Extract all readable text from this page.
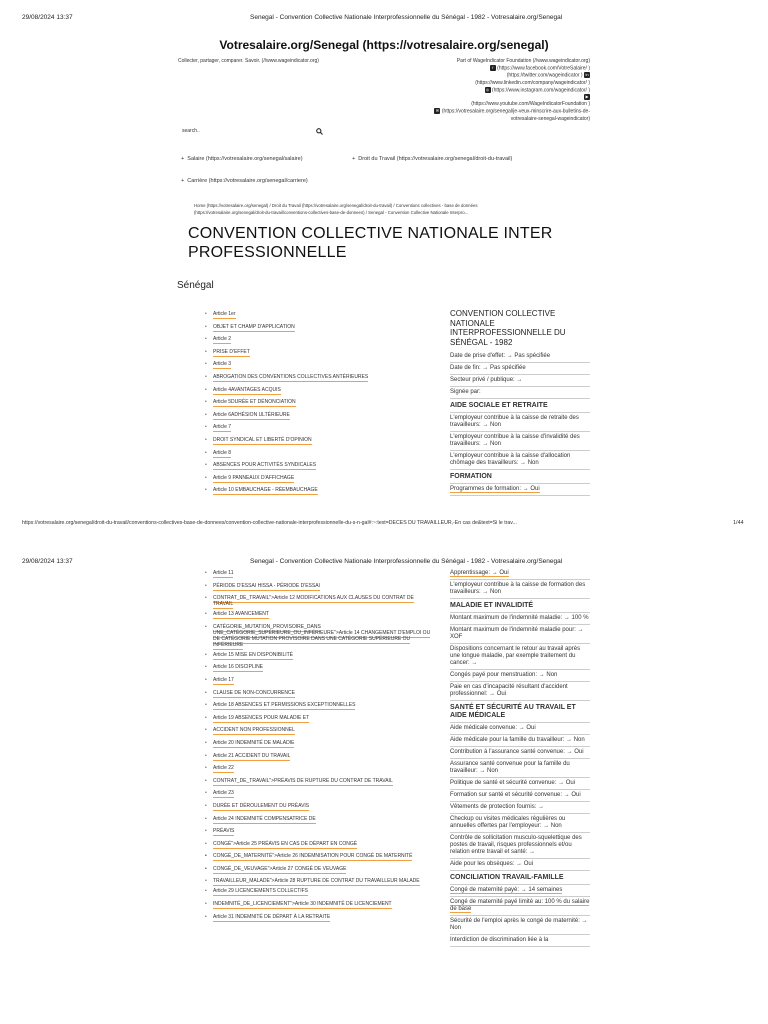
29/08/2024 13:37	Senegal - Convention Collective Nationale Interprofessionnelle du Sénégal - 1982 - Votresalaire.org/Senegal
Votresalaire.org/Senegal (https://votresalaire.org/senegal)
Collecter, partager, comparer. Savoir. (//www.wageindicator.org)	Part of WageIndicator Foundation (//www.wageindicator.org)
f (https://www.facebook.com/VotreSalaire/ )
(https://twitter.com/wageindicator ) in
(https://www.linkedin.com/company/wageindicator/ )
◎ (https://www.instagram.com/wageindicator/ )
▶
(https://www.youtube.com/WageIndicatorFoundation )
✉ (https://votresalaire.org/senegal/je-veux-minscrire-aux-bulletins-de-votresalaire-senegal-wageindicator)
search..
+  Salaire (https://votresalaire.org/senegal/salaire)	+  Droit du Travail (https://votresalaire.org/senegal/droit-du-travail)
+  Carrière (https://votresalaire.org/senegal/carriere)
Home (https://votresalaire.org/senegal) / Droit du Travail (https://votresalaire.org/senegal/droit-du-travail) / Conventions collectives - base de données
(https://votresalaire.org/senegal/droit-du-travail/conventions-collectives-base-de-donnees) / Senegal - Convention Collective Nationale Interpro...
CONVENTION COLLECTIVE NATIONALE INTER PROFESSIONNELLE
Sénégal
• Article 1er
• OBJET ET CHAMP D'APPLICATION
• Article 2
• PRISE D'EFFET
• Article 3
• ABROGATION DES CONVENTIONS COLLECTIVES ANTÉRIEURES
• Article 4AVANTAGES ACQUIS
• Article 5DURÉE ET DÉNONCIATION
• Article 6ADHÉSION ULTÉRIEURE
• Article 7
• DROIT SYNDICAL ET LIBERTÉ D'OPINION
• Article 8
• ABSENCES POUR ACTIVITÉS SYNDICALES
• Article 9 PANNEAUX D'AFFICHAGE
• Article 10 EMBAUCHAGE - RÉEMBAUCHAGE
CONVENTION COLLECTIVE NATIONALE INTERPROFESSIONNELLE DU SÉNÉGAL - 1982
Date de prise d'effet: → Pas spécifiée
Date de fin: → Pas spécifiée
Secteur privé / publique: →
Signée par:
AIDE SOCIALE ET RETRAITE
L'employeur contribue à la caisse de retraite des travailleurs: → Non
L'employeur contribue à la caisse d'invalidité des travailleurs: → Non
L'employeur contribue à la caisse d'allocation chômage des travailleurs: → Non
FORMATION
Programmes de formation: → Oui
https://votresalaire.org/senegal/droit-du-travail/conventions-collectives-base-de-donnees/convention-collective-nationale-interprofessionnelle-du-s-n-gal#:~:text=DÉCÈS DU TRAVAILLEUR,-En cas de&text=Si le trav...	1/44
29/08/2024 13:37	Senegal - Convention Collective Nationale Interprofessionnelle du Sénégal - 1982 - Votresalaire.org/Senegal
• Article 11
• PÉRIODE D'ESSAI HISSA - PÉRIODE D'ESSAI
• CONTRAT_DE_TRAVAIL">Article 12 MODIFICATIONS AUX CLAUSES DU CONTRAT DE TRAVAIL
• Article 13 AVANCEMENT
• CATÉGORIE_MUTATION_PROVISOIRE_DANS UNE_CATÉGORIE_SUPÉRIEURE_OU_INFÉRIEURE">Article 14 CHANGEMENT D'EMPLOI OU DE CATÉGORIE MUTATION PROVISOIRE DANS UNE CATÉGORIE SUPÉRIEURE OU INFÉRIEURE
• Article 15 MISE EN DISPONIBILITÉ
• Article 16 DISCIPLINE
• Article 17
• CLAUSE DE NON-CONCURRENCE
• Article 18 ABSENCES ET PERMISSIONS EXCEPTIONNELLES
• Article 19 ABSENCES POUR MALADIE ET
• ACCIDENT NON PROFESSIONNEL
• Article 20 INDEMNITÉ DE MALADIE
• Article 21 ACCIDENT DU TRAVAIL
• Article 22
• CONTRAT_DE_TRAVAIL">PRÉAVIS DE RUPTURE DU CONTRAT DE TRAVAIL
• Article 23
• DURÉE ET DÉROULEMENT DU PRÉAVIS
• Article 24 INDEMNITÉ COMPENSATRICE DE
• PRÉAVIS
• CONGÉ">Article 25 PRÉAVIS EN CAS DE DÉPART EN CONGÉ
• CONGÉ_DE_MATERNITÉ">Article 26 INDEMNISATION POUR CONGÉ DE MATERNITÉ
• CONGÉ_DE_VEUVAGE">Article 27 CONGÉ DE VEUVAGE
• TRAVAILLEUR_MALADE">Article 28 RUPTURE DE CONTRAT DU TRAVAILLEUR MALADE
• Article 29 LICENCIEMENTS COLLECTIFS
• INDEMNITÉ_DE_LICENCIEMENT">Article 30 INDEMNITÉ DE LICENCIEMENT
• Article 31 INDEMNITÉ DE DÉPART À LA RETRAITE
Apprentissage: → Oui
L'employeur contribue à la caisse de formation des travailleurs: → Non
MALADIE ET INVALIDITÉ
Montant maximum de l'indemnité maladie: → 100 %
Montant maximum de l'indemnité maladie pour: → XOF
Dispositions concernant le retour au travail après une longue maladie, par exemple traitement du cancer: →
Congés payé pour menstruation: → Non
Paie en cas d'incapacité résultant d'accident professionnel: → Oui
SANTÉ ET SÉCURITÉ AU TRAVAIL ET AIDE MÉDICALE
Aide médicale convenue: → Oui
Aide médicale pour la famille du travailleur: → Non
Contribution à l'assurance santé convenue: → Oui
Assurance santé convenue pour la famille du travailleur: → Non
Politique de santé et sécurité convenue: → Oui
Formation sur santé et sécurité convenue: → Oui
Vêtements de protection fournis: →
Checkup ou visites médicales régulières ou annuelles offertes par l'employeur: → Non
Contrôle de sollicitation musculo-squelettique des postes de travail, risques professionnels et/ou relation entre travail et santé: →
Aide pour les obsèques: → Oui
CONCILIATION TRAVAIL-FAMILLE
Congé de maternité payé: → 14 semaines
Congé de maternité payé limité au: 100 % du salaire de base
Sécurité de l'emploi après le congé de maternité: → Non
Interdiction de discrimination liée à la
